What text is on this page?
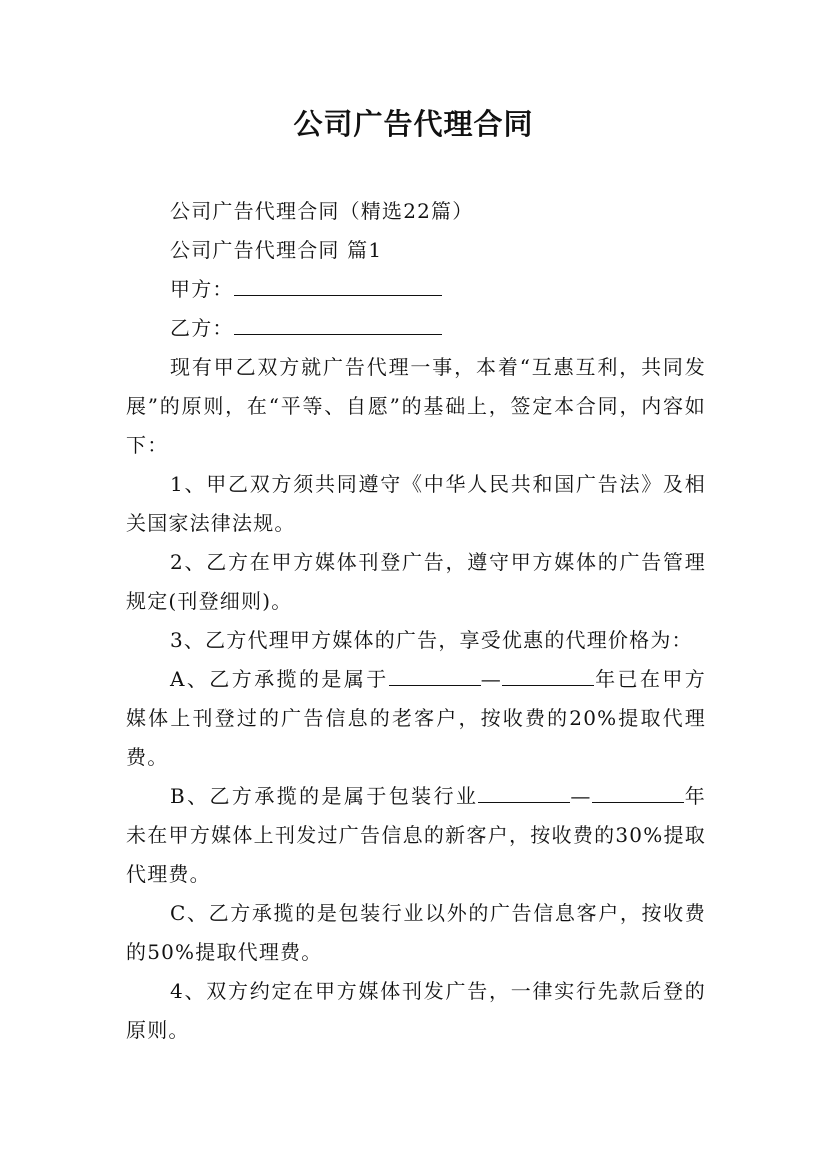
公司广告代理合同

公司广告代理合同（精选22篇）

公司广告代理合同 篇1

甲方：

乙方：

现有甲乙双方就广告代理一事，本着“互惠互利，共同发展”的原则，在“平等、自愿”的基础上，签定本合同，内容如下：

1、甲乙双方须共同遵守《中华人民共和国广告法》及相关国家法律法规。

2、乙方在甲方媒体刊登广告，遵守甲方媒体的广告管理规定(刊登细则)。

3、乙方代理甲方媒体的广告，享受优惠的代理价格为：

A、乙方承揽的是属于	—	年已在甲方媒体上刊登过的广告信息的老客户，按收费的20%提取代理费。

B、乙方承揽的是属于包装行业	—	年未在甲方媒体上刊发过广告信息的新客户，按收费的30%提取代理费。

C、乙方承揽的是包装行业以外的广告信息客户，按收费的50%提取代理费。

4、双方约定在甲方媒体刊发广告，一律实行先款后登的原则。
